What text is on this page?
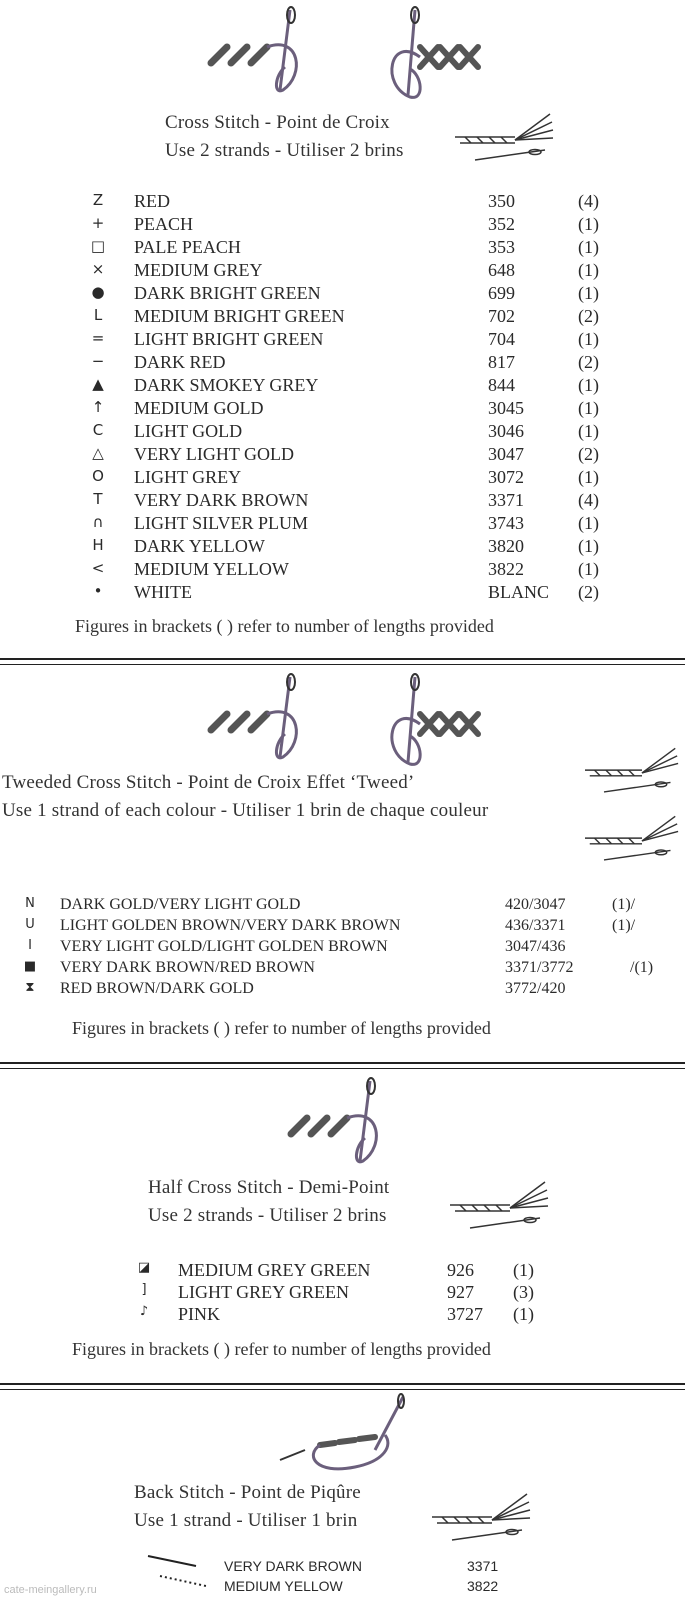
Cross Stitch - Point de Croix
Use 2 strands - Utiliser 2 brins
Z RED	350	(4)
+ PEACH	352	(1)
□ PALE PEACH	353	(1)
× MEDIUM GREY	648	(1)
● DARK BRIGHT GREEN	699	(1)
L	MEDIUM BRIGHT GREEN	702	(2)
= LIGHT BRIGHT GREEN	704	(1)
− DARK RED	817	(2)
▲ DARK SMOKEY GREY	844	(1)
↑ MEDIUM GOLD	3045	(1)
C LIGHT GOLD	3046	(1)
△ VERY LIGHT GOLD	3047	(2)
O LIGHT GREY	3072	(1)
T	VERY DARK BROWN	3371	(4)
∩ LIGHT SILVER PLUM	3743	(1)
H DARK YELLOW	3820	(1)
< MEDIUM YELLOW	3822	(1)
•	WHITE	BLANC (2)
Figures in brackets ( ) refer to number of lengths provided
Tweeded Cross Stitch - Point de Croix Effet ‘Tweed’
Use 1 strand of each colour - Utiliser 1 brin de chaque couleur
N	DARK GOLD/VERY LIGHT GOLD	420/3047	(1)/
U	LIGHT GOLDEN BROWN/VERY DARK BROWN	436/3371	(1)/
I	VERY LIGHT GOLD/LIGHT GOLDEN BROWN	3047/436
■ VERY DARK BROWN/RED BROWN	3371/3772	/(1)
⧗	RED BROWN/DARK GOLD	3772/420
Figures in brackets ( ) refer to number of lengths provided
Half Cross Stitch - Demi-Point
Use 2 strands - Utiliser 2 brins
◪ MEDIUM GREY GREEN	926 (1)
]	LIGHT GREY GREEN	927 (3)
♪	PINK	3727 (1)
Figures in brackets ( ) refer to number of lengths provided
Back Stitch - Point de Piqûre
Use 1 strand - Utiliser 1 brin
VERY DARK BROWN	3371
MEDIUM YELLOW	3822
cate-meingallery.ru
